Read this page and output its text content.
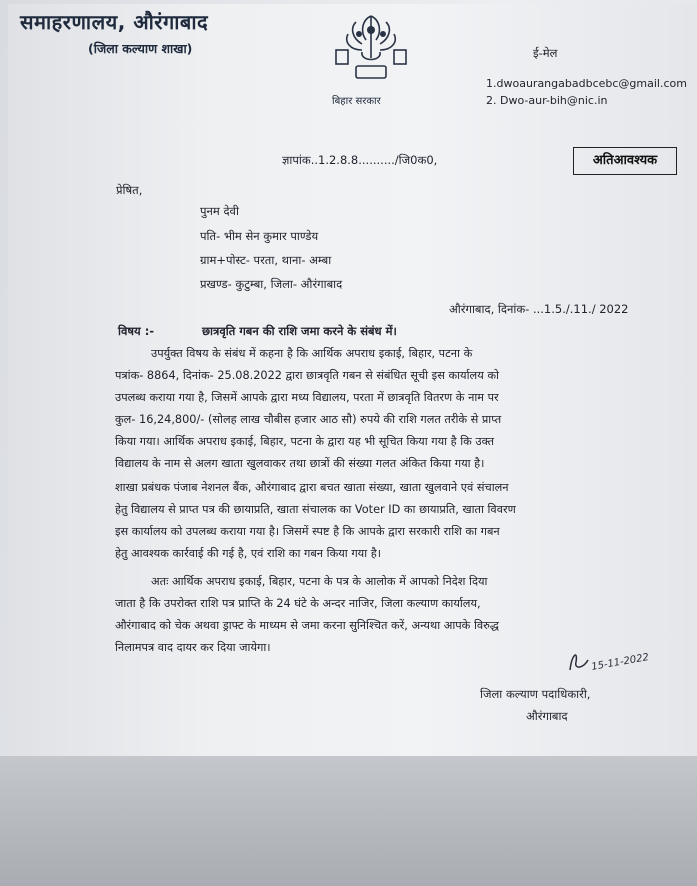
समाहरणालय, औरंगाबाद
(जिला कल्याण शाखा)
बिहार सरकार
ई-मेल
1.dwoaurangabadbcebc@gmail.com
2. Dwo-aur-bih@nic.in
ज्ञापांक..1.2.8.8........../जि0क0,	अतिआवश्यक
प्रेषित,
पुनम देवी
पति- भीम सेन कुमार पाण्डेय
ग्राम+पोस्ट- परता, थाना- अम्बा
प्रखण्ड- कुटुम्बा, जिला- औरंगाबाद
औरंगाबाद, दिनांक- ...1.5./.11./ 2022
विषय :-	छात्रवृति गबन की राशि जमा करने के संबंध में।
उपर्युक्त विषय के संबंध में कहना है कि आर्थिक अपराध इकाई, बिहार, पटना के
पत्रांक- 8864, दिनांक- 25.08.2022 द्वारा छात्रवृति गबन से संबंधित सूची इस कार्यालय को
उपलब्ध कराया गया है, जिसमें आपके द्वारा मध्य विद्यालय, परता में छात्रवृति वितरण के नाम पर
कुल- 16,24,800/- (सोलह लाख चौबीस हजार आठ सौ) रुपये की राशि गलत तरीके से प्राप्त
किया गया। आर्थिक अपराध इकाई, बिहार, पटना के द्वारा यह भी सूचित किया गया है कि उक्त
विद्यालय के नाम से अलग खाता खुलवाकर तथा छात्रों की संख्या गलत अंकित किया गया है।
शाखा प्रबंधक पंजाब नेशनल बैंक, औरंगाबाद द्वारा बचत खाता संख्या, खाता खुलवाने एवं संचालन
हेतु विद्यालय से प्राप्त पत्र की छायाप्रति, खाता संचालक का Voter ID का छायाप्रति, खाता विवरण
इस कार्यालय को उपलब्ध कराया गया है। जिसमें स्पष्ट है कि आपके द्वारा सरकारी राशि का गबन
हेतु आवश्यक कार्रवाई की गई है, एवं राशि का गबन किया गया है।
अतः आर्थिक अपराध इकाई, बिहार, पटना के पत्र के आलोक में आपको निदेश दिया
जाता है कि उपरोक्त राशि पत्र प्राप्ति के 24 घंटे के अन्दर नाजिर, जिला कल्याण कार्यालय,
औरंगाबाद को चेक अथवा ड्राफ्ट के माध्यम से जमा करना सुनिश्चित करें, अन्यथा आपके विरुद्ध
निलामपत्र वाद दायर कर दिया जायेगा।
15-11-2022
जिला कल्याण पदाधिकारी,
औरंगाबाद
